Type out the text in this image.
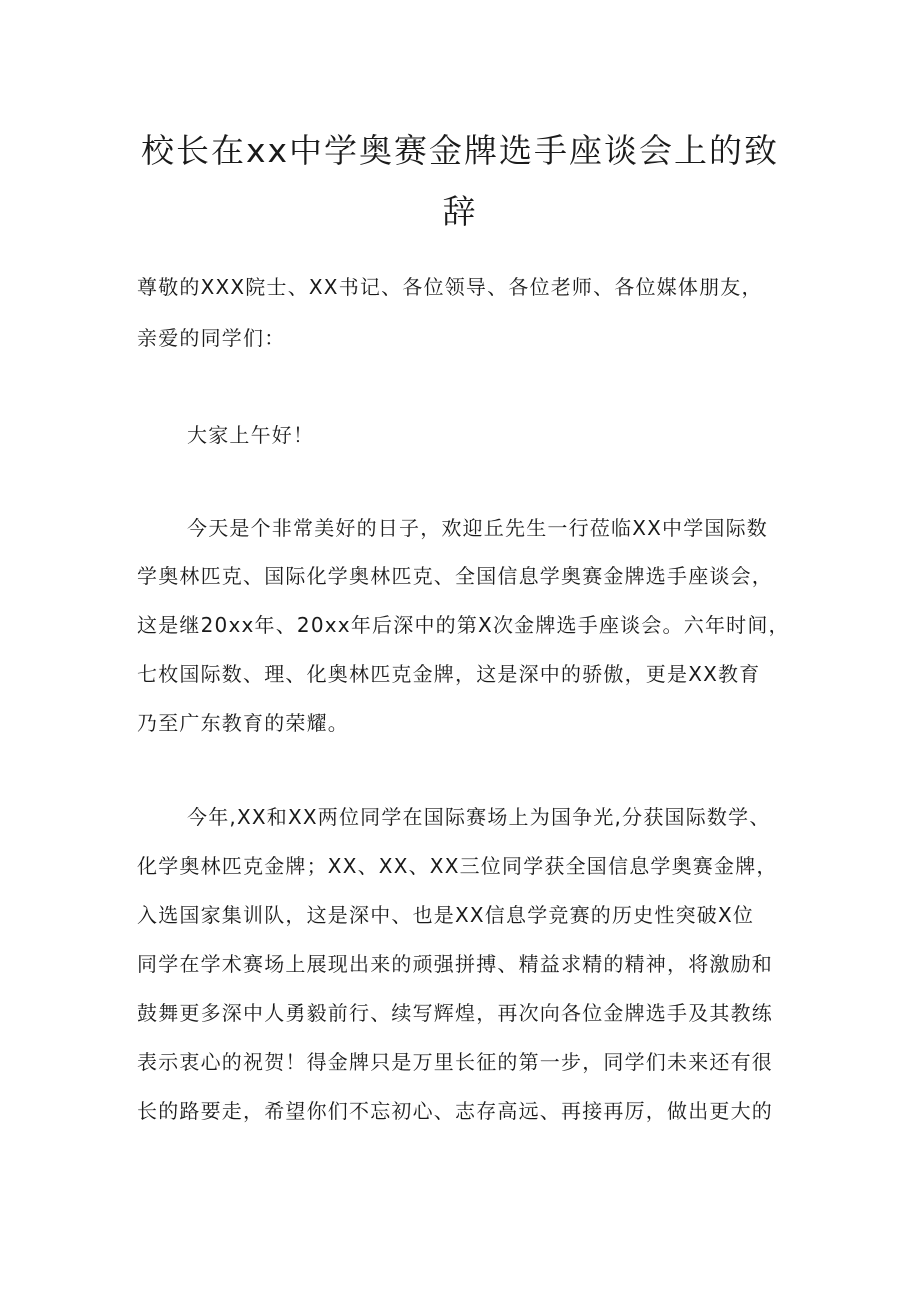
校长在xx中学奥赛金牌选手座谈会上的致
辞

尊敬的XXX院士、XX书记、各位领导、各位老师、各位媒体朋友，

亲爱的同学们：

大家上午好！

今天是个非常美好的日子，欢迎丘先生一行莅临XX中学国际数

学奥林匹克、国际化学奥林匹克、全国信息学奥赛金牌选手座谈会，

这是继20xx年、20xx年后深中的第X次金牌选手座谈会。六年时间，

七枚国际数、理、化奥林匹克金牌，这是深中的骄傲，更是XX教育

乃至广东教育的荣耀。

今年,XX和XX两位同学在国际赛场上为国争光,分获国际数学、

化学奥林匹克金牌；XX、XX、XX三位同学获全国信息学奥赛金牌，

入选国家集训队，这是深中、也是XX信息学竞赛的历史性突破X位

同学在学术赛场上展现出来的顽强拼搏、精益求精的精神，将激励和

鼓舞更多深中人勇毅前行、续写辉煌，再次向各位金牌选手及其教练

表示衷心的祝贺！得金牌只是万里长征的第一步，同学们未来还有很

长的路要走，希望你们不忘初心、志存高远、再接再厉，做出更大的
